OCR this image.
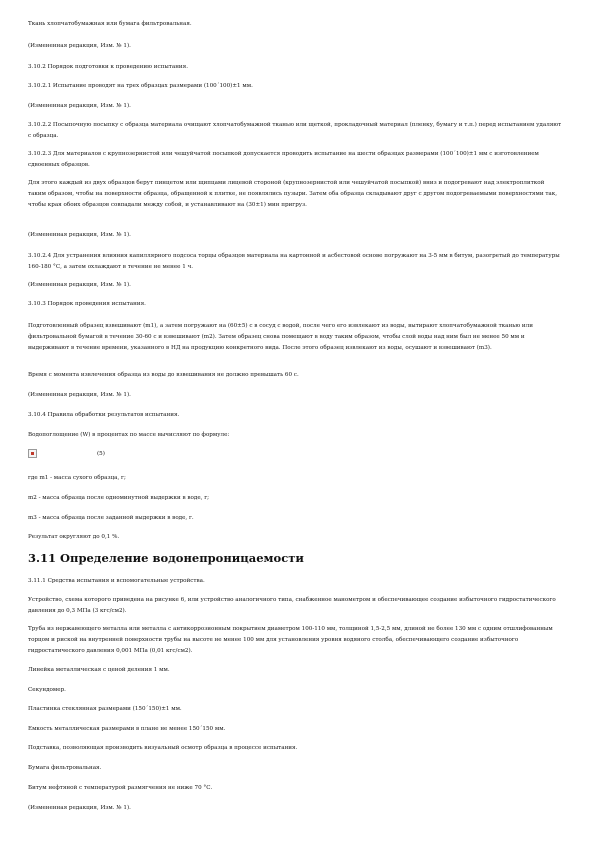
Ткань хлопчатобумажная или бумага фильтровальная.

(Измененная редакция, Изм. № 1).

3.10.2 Порядок подготовки к проведению испытания.

3.10.2.1 Испытание проводят на трех образцах размерами (100´100)±1 мм.

(Измененная редакция, Изм. № 1).

3.10.2.2 Посыпочную посыпку с образца материала очищают хлопчатобумажной тканью или щеткой, прокладочный материал (пленку, бумагу и т.п.) перед испытанием удаляют с образца.

3.10.2.3 Для материалов с крупнозернистой или чешуйчатой посыпкой допускается проводить испытание на шести образцах размерами (100´100)±1 мм с изготовлением сдвоенных образцов.

Для этого каждый из двух образцов берут пинцетом или щипцами лицевой стороной (крупнозернистой или чешуйчатой посыпкой) вниз и подогревают над электроплиткой таким образом, чтобы на поверхности образца, обращенной к плитке, не появлялись пузыри. Затем оба образца складывают друг с другом подогреваемыми поверхностями так, чтобы края обоих образцов совпадали между собой, и устанавливают на (30±1) мин пригруз.

(Измененная редакция, Изм. № 1).

3.10.2.4 Для устранения влияния капиллярного подсоса торцы образцов материала на картонной и асбестовой основе погружают на 3-5 мм в битум, разогретый до температуры 160-180 °С, а затем охлаждают в течение не менее 1 ч.

(Измененная редакция, Изм. № 1).

3.10.3 Порядок проведения испытания.

Подготовленный образец взвешивают (m1), а затем погружают на (60±5) с в сосуд с водой, после чего его извлекают из воды, вытирают хлопчатобумажной тканью или фильтровальной бумагой в течение 30-60 с и взвешивают (m2). Затем образец снова помещают в воду таким образом, чтобы слой воды над ним был не менее 50 мм и выдерживают в течение времени, указанного в НД на продукцию конкретного вида. После этого образец извлекают из воды, осушают и взвешивают (m3).

Время с момента извлечения образца из воды до взвешивания не должно превышать 60 с.

(Измененная редакция, Изм. № 1).

3.10.4 Правила обработки результатов испытания.

Водопоглощение (W) в процентах по массе вычисляют по формуле:

(5)

где m1 - масса сухого образца, г;

m2 - масса образца после одноминутной выдержки в воде, г;

m3 - масса образца после заданной выдержки в воде, г.

Результат округляют до 0,1 %.

3.11 Определение водонепроницаемости

3.11.1 Средства испытания и вспомогательные устройства.

Устройство, схема которого приведена на рисунке 6, или устройство аналогичного типа, снабженное манометром и обеспечивающее создание избыточного гидростатического давления до 0,3 МПа (3 кгс/см2).

Труба из нержавеющего металла или металла с антикоррозионным покрытием диаметром 100-110 мм, толщиной 1,5-2,5 мм, длиной не более 130 мм с одним отшлифованным торцом и риской на внутренней поверхности трубы на высоте не менее 100 мм для установления уровня водяного столба, обеспечивающего создание избыточного гидростатического давления 0,001 МПа (0,01 кгс/см2).

Линейка металлическая с ценой деления 1 мм.

Секундомер.

Пластинка стеклянная размерами (150´150)±1 мм.

Емкость металлическая размерами в плане не менее 150´150 мм.

Подставка, позволяющая производить визуальный осмотр образца в процессе испытания.

Бумага фильтровальная.

Битум нефтяной с температурой размягчения не ниже 70 °С.

(Измененная редакция, Изм. № 1).
